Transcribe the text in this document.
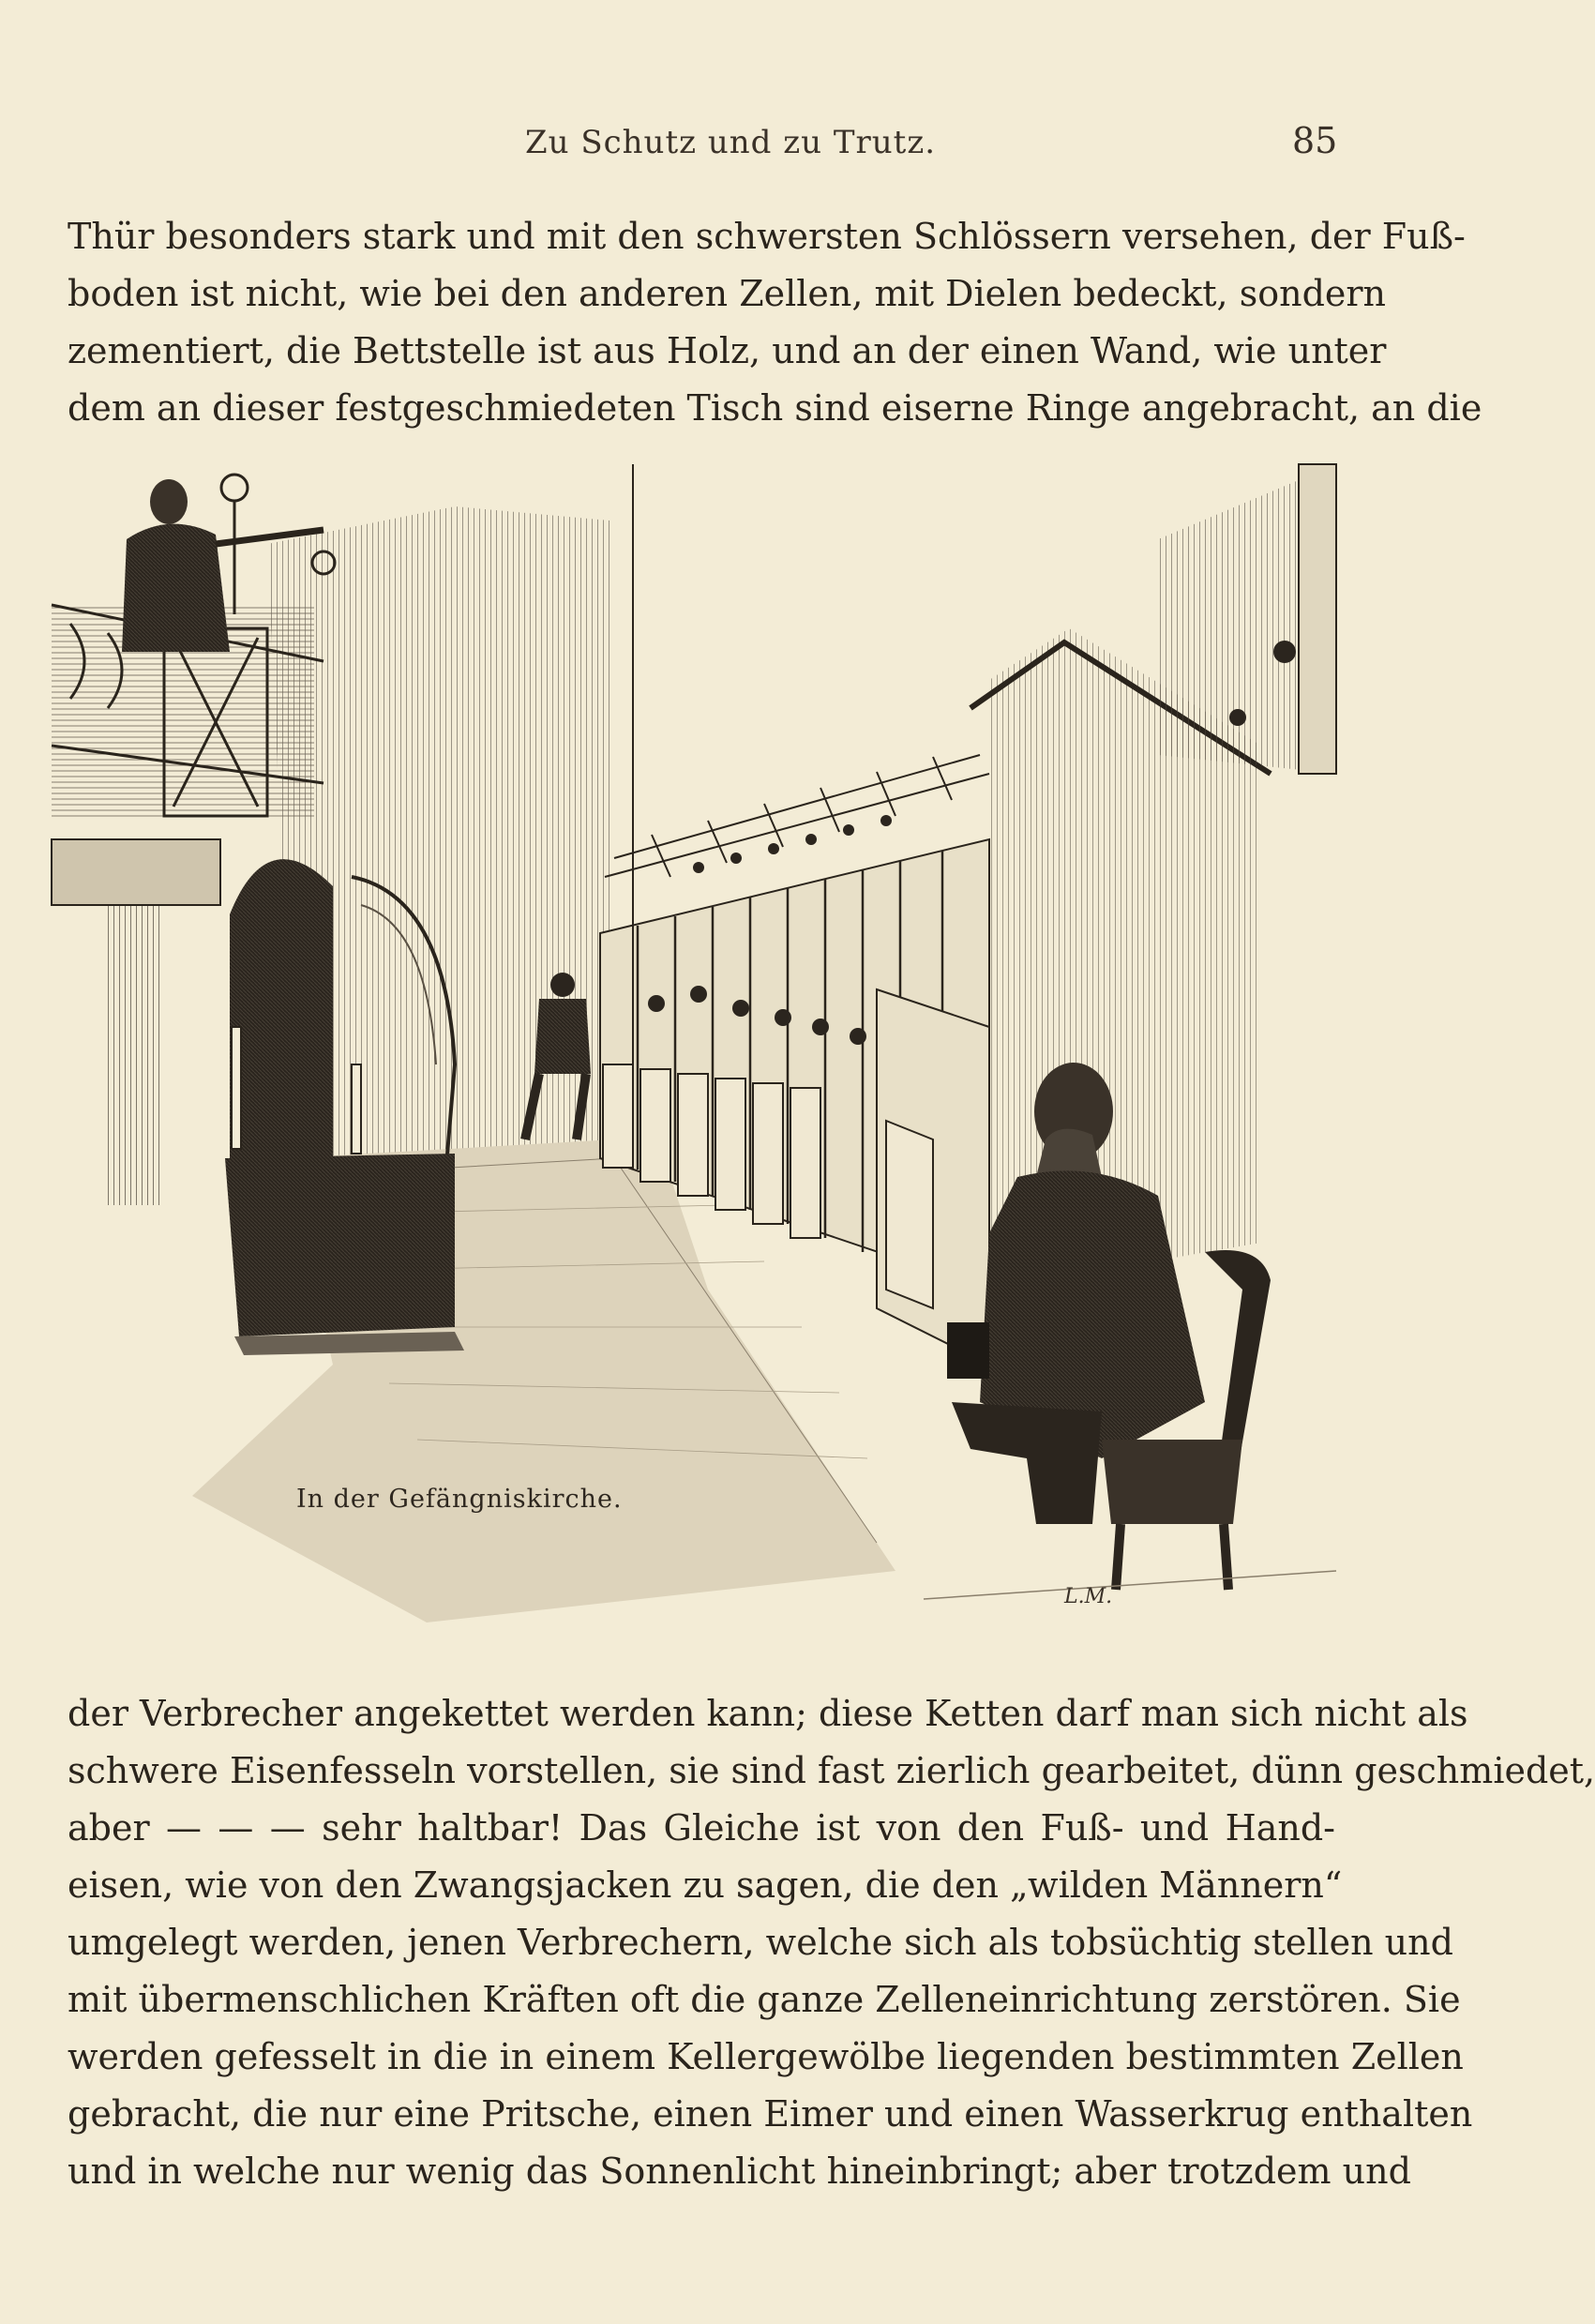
Zu Schutz und zu Trutz.	85
Thür besonders stark und mit den schwersten Schlössern versehen, der Fuß-
boden ist nicht, wie bei den anderen Zellen, mit Dielen bedeckt, sondern
zementiert, die Bettstelle ist aus Holz, und an der einen Wand, wie unter
dem an dieser festgeschmiedeten Tisch sind eiserne Ringe angebracht, an die
In der Gefängniskirche.
L.M.
der Verbrecher angekettet werden kann; diese Ketten darf man sich nicht als
schwere Eisenfesseln vorstellen, sie sind fast zierlich gearbeitet, dünn geschmiedet,
aber — — — sehr haltbar! Das Gleiche ist von den Fuß- und Hand-
eisen, wie von den Zwangsjacken zu sagen, die den „wilden Männern“
umgelegt werden, jenen Verbrechern, welche sich als tobsüchtig stellen und
mit übermenschlichen Kräften oft die ganze Zelleneinrichtung zerstören. Sie
werden gefesselt in die in einem Kellergewölbe liegenden bestimmten Zellen
gebracht, die nur eine Pritsche, einen Eimer und einen Wasserkrug enthalten
und in welche nur wenig das Sonnenlicht hineinbringt; aber trotzdem und
